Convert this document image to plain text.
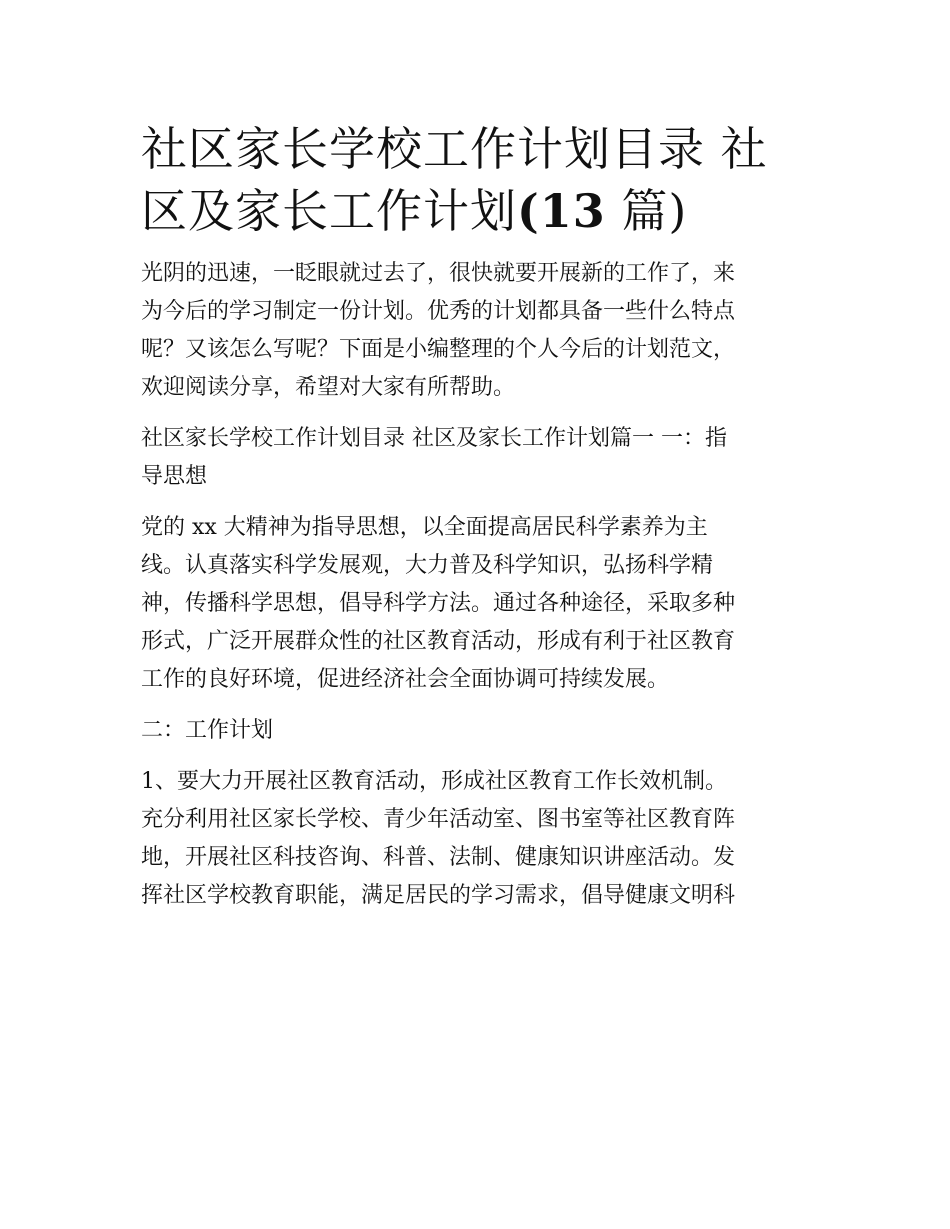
社区家长学校工作计划目录 社
区及家长工作计划(13 篇)

光阴的迅速，一眨眼就过去了，很快就要开展新的工作了，来
为今后的学习制定一份计划。优秀的计划都具备一些什么特点
呢？又该怎么写呢？下面是小编整理的个人今后的计划范文，
欢迎阅读分享，希望对大家有所帮助。

社区家长学校工作计划目录 社区及家长工作计划篇一 一：指
导思想

党的 xx 大精神为指导思想，以全面提高居民科学素养为主
线。认真落实科学发展观，大力普及科学知识，弘扬科学精
神，传播科学思想，倡导科学方法。通过各种途径，采取多种
形式，广泛开展群众性的社区教育活动，形成有利于社区教育
工作的良好环境，促进经济社会全面协调可持续发展。

二：工作计划

1、要大力开展社区教育活动，形成社区教育工作长效机制。
充分利用社区家长学校、青少年活动室、图书室等社区教育阵
地，开展社区科技咨询、科普、法制、健康知识讲座活动。发
挥社区学校教育职能，满足居民的学习需求，倡导健康文明科
